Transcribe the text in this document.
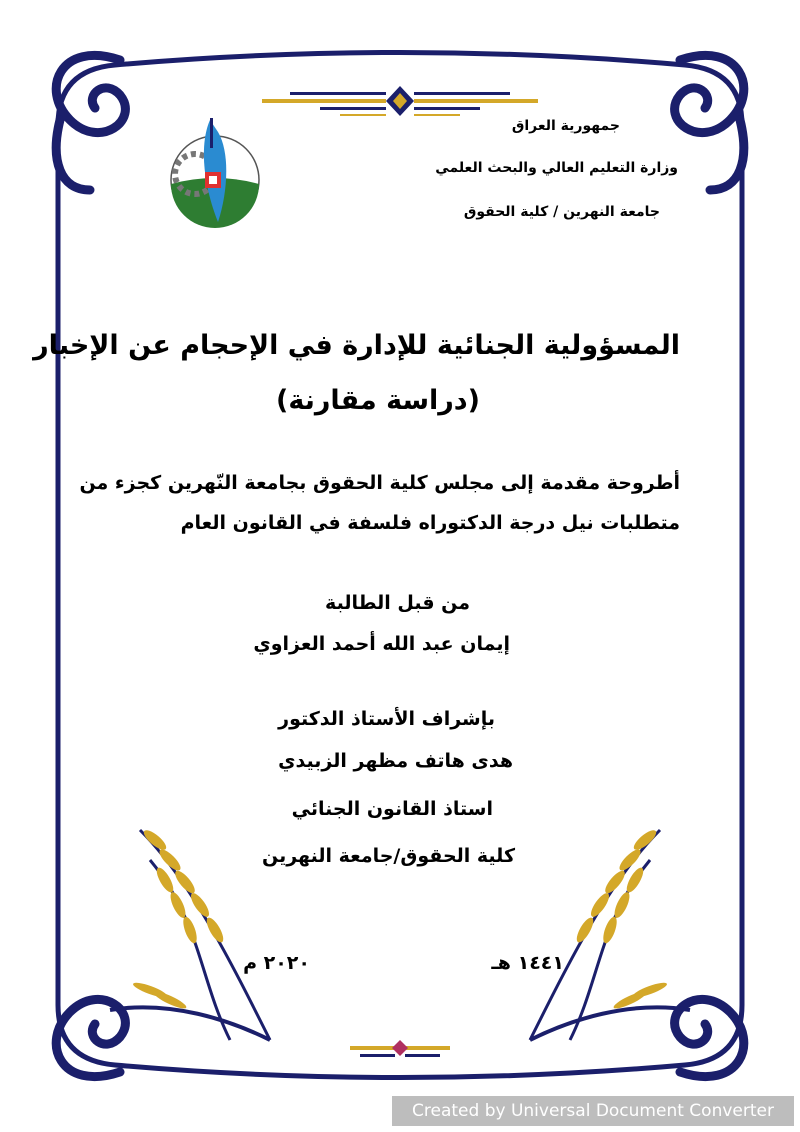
جمهورية العراق
وزارة التعليم العالي والبحث العلمي
جامعة النهرين / كلية الحقوق
المسؤولية الجنائية للإدارة في الإحجام عن الإخبار
(دراسة مقارنة)
أطروحة مقدمة إلى مجلس كلية الحقوق بجامعة النّهرين كجزء من
متطلبات نيل درجة الدكتوراه فلسفة في القانون العام
من قبل الطالبة
إيمان عبد الله أحمد العزاوي
بإشراف الأستاذ الدكتور
هدى هاتف مظهر الزبيدي
استاذ القانون الجنائي
كلية الحقوق/جامعة النهرين
١٤٤١ هـ
٢٠٢٠ م
Created by Universal Document Converter
